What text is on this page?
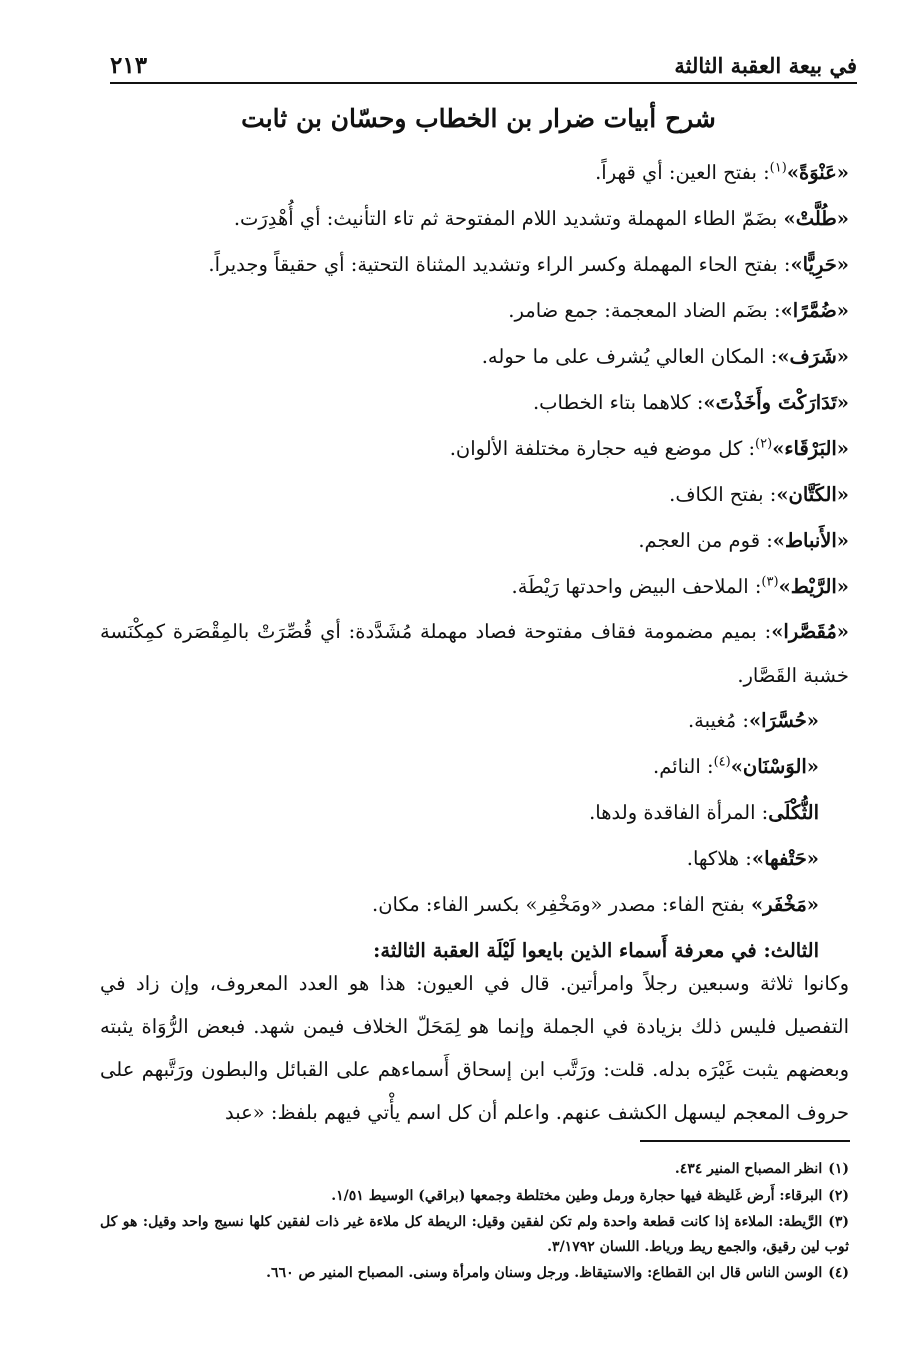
في بيعة العقبة الثالثة
٢١٣
شرح أبيات ضرار بن الخطاب وحسّان بن ثابت
«عَنْوَةً»$^{(١)}$: بفتح العين: أي قهراً.
«طُلَّتْ» بضَمّ الطاء المهملة وتشديد اللام المفتوحة ثم تاء التأنيث: أي أُهْدِرَت.
«حَرِيًّا»: بفتح الحاء المهملة وكسر الراء وتشديد المثناة التحتية: أي حقيقاً وجديراً.
«ضُمَّرًا»: بضَم الضاد المعجمة: جمع ضامر.
«شَرَف»: المكان العالي يُشرف على ما حوله.
«تَدَارَكْتَ وأَخَذْتَ»: كلاهما بتاء الخطاب.
«البَرْقَاء»$^{(٢)}$: كل موضع فيه حجارة مختلفة الألوان.
«الكَتَّان»: بفتح الكاف.
«الأَنباط»: قوم من العجم.
«الرَّيْط»$^{(٣)}$: الملاحف البيض واحدتها رَيْطَة.
«مُقَصَّرا»: بميم مضمومة فقاف مفتوحة فصاد مهملة مُشَدَّدة: أي قُصِّرَتْ بالمِقْصَرة كمِكْنَسة خشبة القَصَّار.
«حُسَّرَا»: مُغيبة.
«الوَسْنَان»$^{(٤)}$: النائم.
الثُّكْلَى: المرأة الفاقدة ولدها.
«حَتْفها»: هلاكها.
«مَخْفَر» بفتح الفاء: مصدر «ومَخْفِر» بكسر الفاء: مكان.
الثالث: في معرفة أَسماء الذين بايعوا لَيْلَة العقبة الثالثة:

وكانوا ثلاثة وسبعين رجلاً وامرأتين. قال في العيون: هذا هو العدد المعروف، وإن زاد في التفصيل فليس ذلك بزيادة في الجملة وإنما هو لِمَحَلّ الخلاف فيمن شهد. فبعض الرُّوَاة يثبته وبعضهم يثبت غَيْرَه بدله. قلت: ورَتَّب ابن إسحاق أَسماءهم على القبائل والبطون ورَتَّبهم على حروف المعجم ليسهل الكشف عنهم. واعلم أن كل اسم يأْتي فيهم بلفظ: «عبد

(١)انظر المصباح المنير ٤٣٤.
(٢)البرقاء: أَرض غَليظة فيها حجارة ورمل وطين مختلطة وجمعها (براقي) الوسيط ١/٥١.
(٣)الرَّيطة: الملاءة إذا كانت قطعة واحدة ولم تكن لفقين وقيل: الريطة كل ملاءة غير ذات لفقين كلها نسيج واحد وقيل: هو كل ثوب لين رقيق، والجمع ريط ورياط. اللسان ٣/١٧٩٢.
(٤)الوسن الناس قال ابن القطاع: والاستيقاظ. ورجل وسنان وامرأة وسنى. المصباح المنير ص ٦٦٠.
